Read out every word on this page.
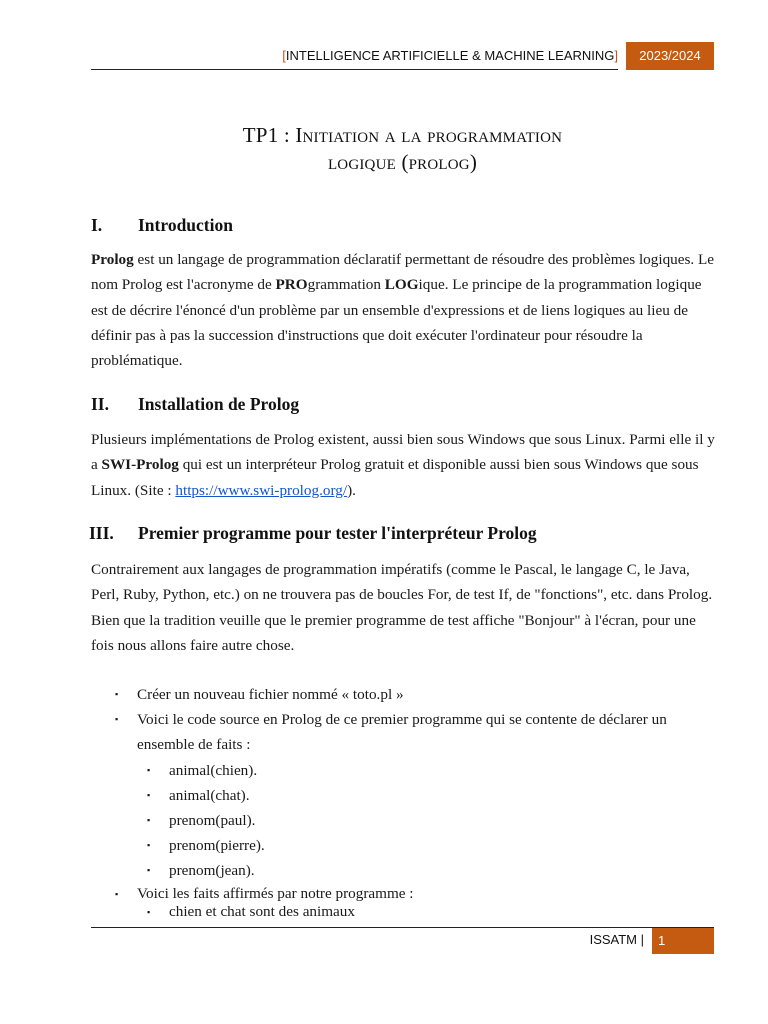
[INTELLIGENCE ARTIFICIELLE & MACHINE LEARNING]	2023/2024
TP1 : Initiation a la programmation
logique (prolog)
I. Introduction

Prolog est un langage de programmation déclaratif permettant de résoudre des problèmes logiques. Le nom Prolog est l'acronyme de PROgrammation LOGique. Le principe de la programmation logique est de décrire l'énoncé d'un problème par un ensemble d'expressions et de liens logiques au lieu de définir pas à pas la succession d'instructions que doit exécuter l'ordinateur pour résoudre la problématique.

II. Installation de Prolog

Plusieurs implémentations de Prolog existent, aussi bien sous Windows que sous Linux. Parmi elle il y a SWI-Prolog qui est un interpréteur Prolog gratuit et disponible aussi bien sous Windows que sous Linux. (Site : https://www.swi-prolog.org/).

III. Premier programme pour tester l'interpréteur Prolog

Contrairement aux langages de programmation impératifs (comme le Pascal, le langage C, le Java, Perl, Ruby, Python, etc.) on ne trouvera pas de boucles For, de test If, de "fonctions", etc. dans Prolog.

Bien que la tradition veuille que le premier programme de test affiche "Bonjour" à l'écran, pour une fois nous allons faire autre chose.

▪ Créer un nouveau fichier nommé « toto.pl »
▪ Voici le code source en Prolog de ce premier programme qui se contente de déclarer un
ensemble de faits :
▪ animal(chien).
▪ animal(chat).
▪ prenom(paul).
▪ prenom(pierre).
▪ prenom(jean).
▪ Voici les faits affirmés par notre programme :
▪ chien et chat sont des animaux
ISSATM |	1
